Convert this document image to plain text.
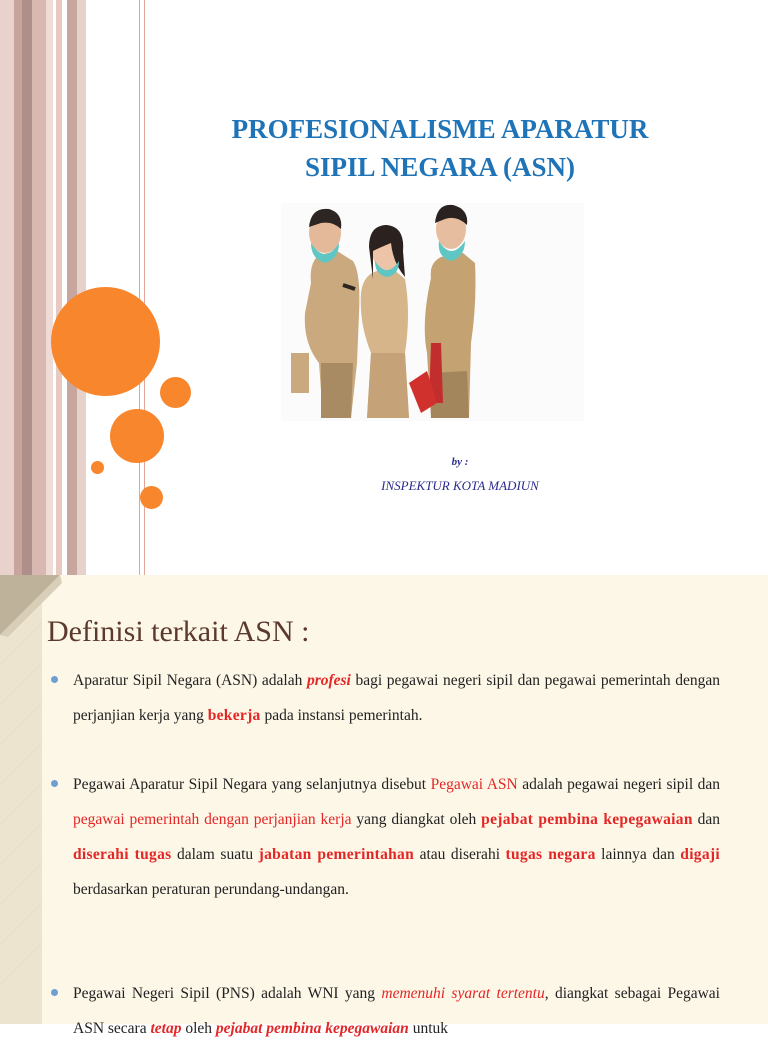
PROFESIONALISME APARATUR
SIPIL NEGARA (ASN)
by :
INSPEKTUR KOTA MADIUN
Definisi terkait ASN :
Aparatur Sipil Negara (ASN) adalah profesi bagi pegawai negeri sipil dan pegawai pemerintah dengan perjanjian kerja yang bekerja pada instansi pemerintah.
Pegawai Aparatur Sipil Negara yang selanjutnya disebut Pegawai ASN adalah pegawai negeri sipil dan pegawai pemerintah dengan perjanjian kerja yang diangkat oleh pejabat pembina kepegawaian dan diserahi tugas dalam suatu jabatan pemerintahan atau diserahi tugas negara lainnya dan digaji berdasarkan peraturan perundang-undangan.
Pegawai Negeri Sipil (PNS) adalah WNI yang memenuhi syarat tertentu, diangkat sebagai Pegawai ASN secara tetap oleh pejabat pembina kepegawaian untuk
